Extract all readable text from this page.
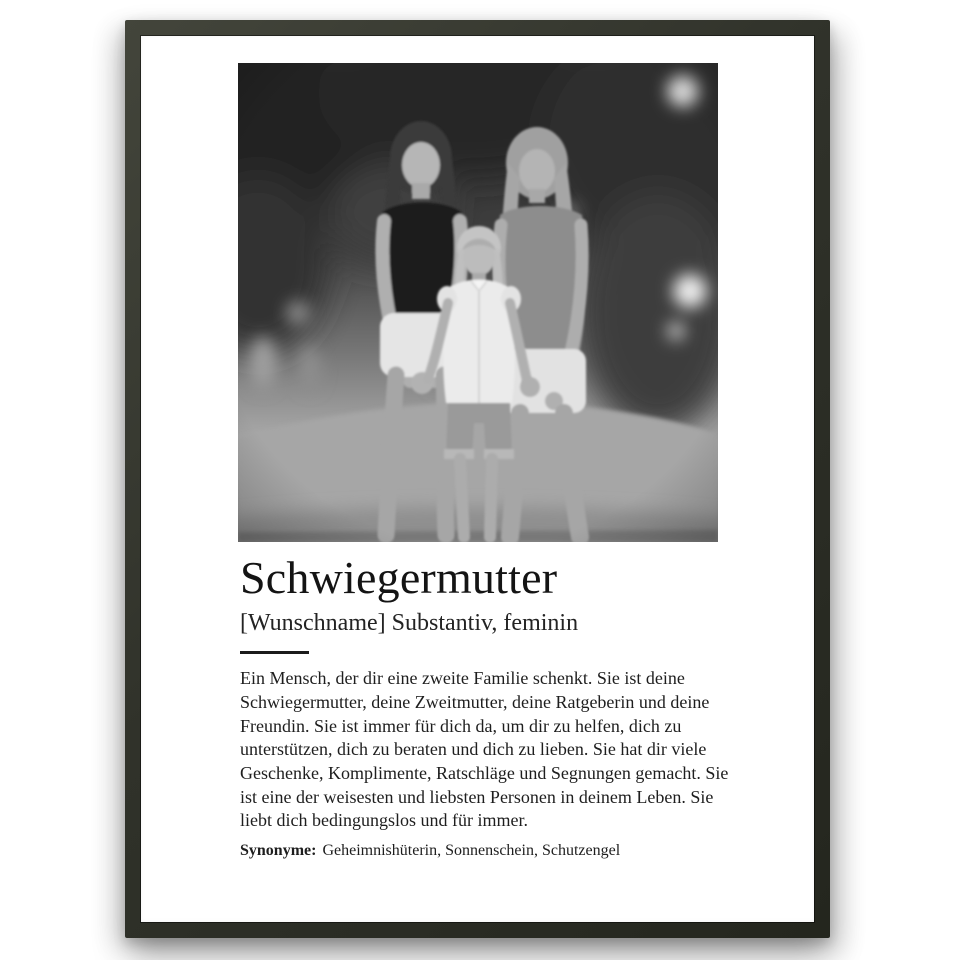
Schwiegermutter
[Wunschname] Substantiv, feminin

Ein Mensch, der dir eine zweite Familie schenkt. Sie ist deine Schwiegermutter, deine Zweitmutter, deine Ratgeberin und deine Freundin. Sie ist immer für dich da, um dir zu helfen, dich zu unterstützen, dich zu beraten und dich zu lieben. Sie hat dir viele Geschenke, Komplimente, Ratschläge und Segnungen gemacht. Sie ist eine der weisesten und liebsten Personen in deinem Leben. Sie liebt dich bedingungslos und für immer.

Synonyme: Geheimnishüterin, Sonnenschein, Schutzengel
